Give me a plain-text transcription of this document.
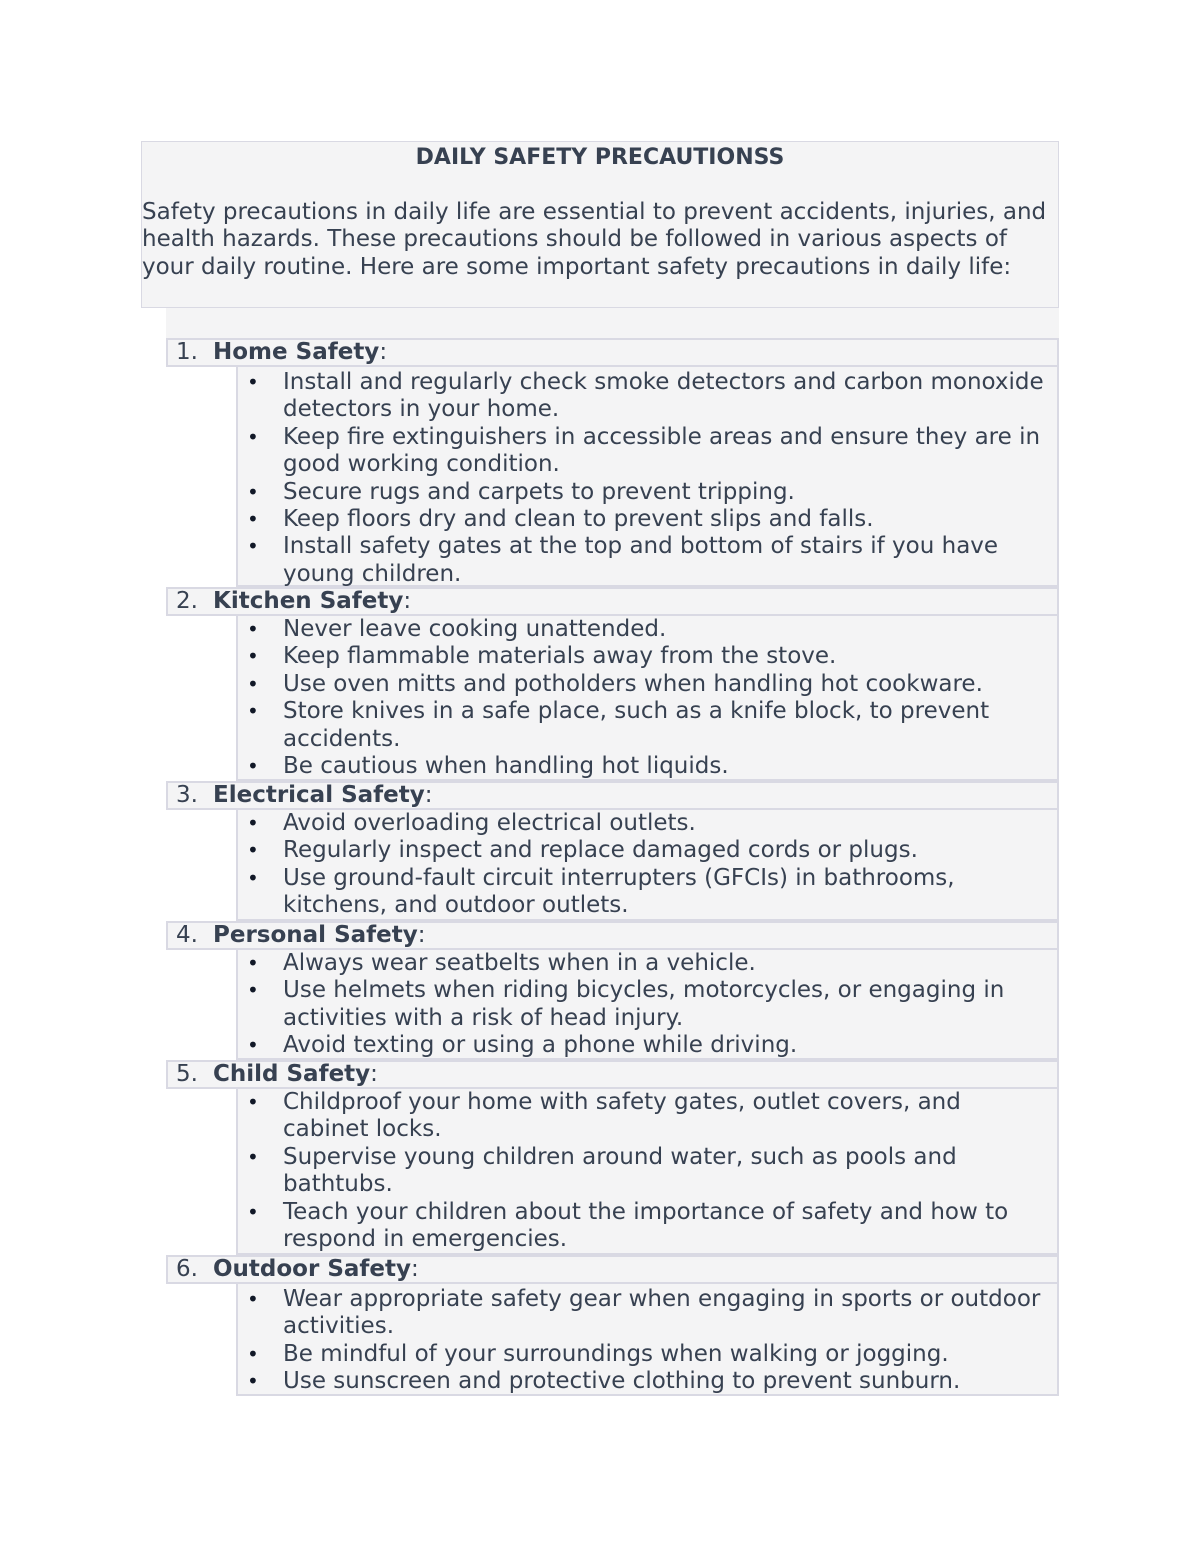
DAILY SAFETY PRECAUTIONSS

Safety precautions in daily life are essential to prevent accidents, injuries, and health hazards. These precautions should be followed in various aspects of your daily routine. Here are some important safety precautions in daily life:

1. Home Safety:
• Install and regularly check smoke detectors and carbon monoxide detectors in your home.
• Keep fire extinguishers in accessible areas and ensure they are in good working condition.
• Secure rugs and carpets to prevent tripping.
• Keep floors dry and clean to prevent slips and falls.
• Install safety gates at the top and bottom of stairs if you have young children.
2. Kitchen Safety:
• Never leave cooking unattended.
• Keep flammable materials away from the stove.
• Use oven mitts and potholders when handling hot cookware.
• Store knives in a safe place, such as a knife block, to prevent accidents.
• Be cautious when handling hot liquids.
3. Electrical Safety:
• Avoid overloading electrical outlets.
• Regularly inspect and replace damaged cords or plugs.
• Use ground-fault circuit interrupters (GFCIs) in bathrooms, kitchens, and outdoor outlets.
4. Personal Safety:
• Always wear seatbelts when in a vehicle.
• Use helmets when riding bicycles, motorcycles, or engaging in activities with a risk of head injury.
• Avoid texting or using a phone while driving.
5. Child Safety:
• Childproof your home with safety gates, outlet covers, and cabinet locks.
• Supervise young children around water, such as pools and bathtubs.
• Teach your children about the importance of safety and how to respond in emergencies.
6. Outdoor Safety:
• Wear appropriate safety gear when engaging in sports or outdoor activities.
• Be mindful of your surroundings when walking or jogging.
• Use sunscreen and protective clothing to prevent sunburn.
